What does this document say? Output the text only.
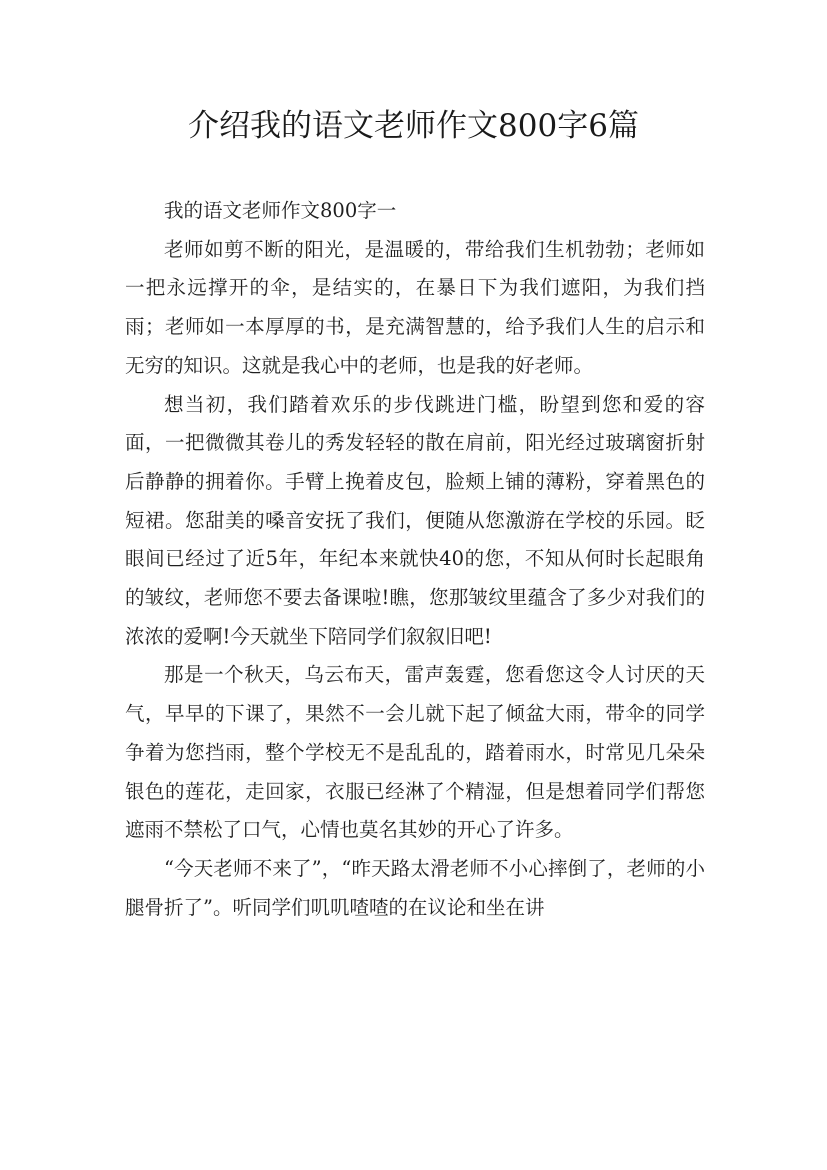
介绍我的语文老师作文800字6篇

我的语文老师作文800字一

老师如剪不断的阳光，是温暖的，带给我们生机勃勃；老师如一把永远撑开的伞，是结实的，在暴日下为我们遮阳，为我们挡雨；老师如一本厚厚的书，是充满智慧的，给予我们人生的启示和无穷的知识。这就是我心中的老师，也是我的好老师。

想当初，我们踏着欢乐的步伐跳进门槛，盼望到您和爱的容面，一把微微其卷儿的秀发轻轻的散在肩前，阳光经过玻璃窗折射后静静的拥着你。手臂上挽着皮包，脸颊上铺的薄粉，穿着黑色的短裙。您甜美的嗓音安抚了我们，便随从您激游在学校的乐园。眨眼间已经过了近5年，年纪本来就快40的您，不知从何时长起眼角的皱纹，老师您不要去备课啦!瞧，您那皱纹里蕴含了多少对我们的浓浓的爱啊!今天就坐下陪同学们叙叙旧吧!

那是一个秋天，乌云布天，雷声轰霆，您看您这令人讨厌的天气，早早的下课了，果然不一会儿就下起了倾盆大雨，带伞的同学争着为您挡雨，整个学校无不是乱乱的，踏着雨水，时常见几朵朵银色的莲花，走回家，衣服已经淋了个精湿，但是想着同学们帮您遮雨不禁松了口气，心情也莫名其妙的开心了许多。

“今天老师不来了”，“昨天路太滑老师不小心摔倒了，老师的小腿骨折了”。听同学们叽叽喳喳的在议论和坐在讲
